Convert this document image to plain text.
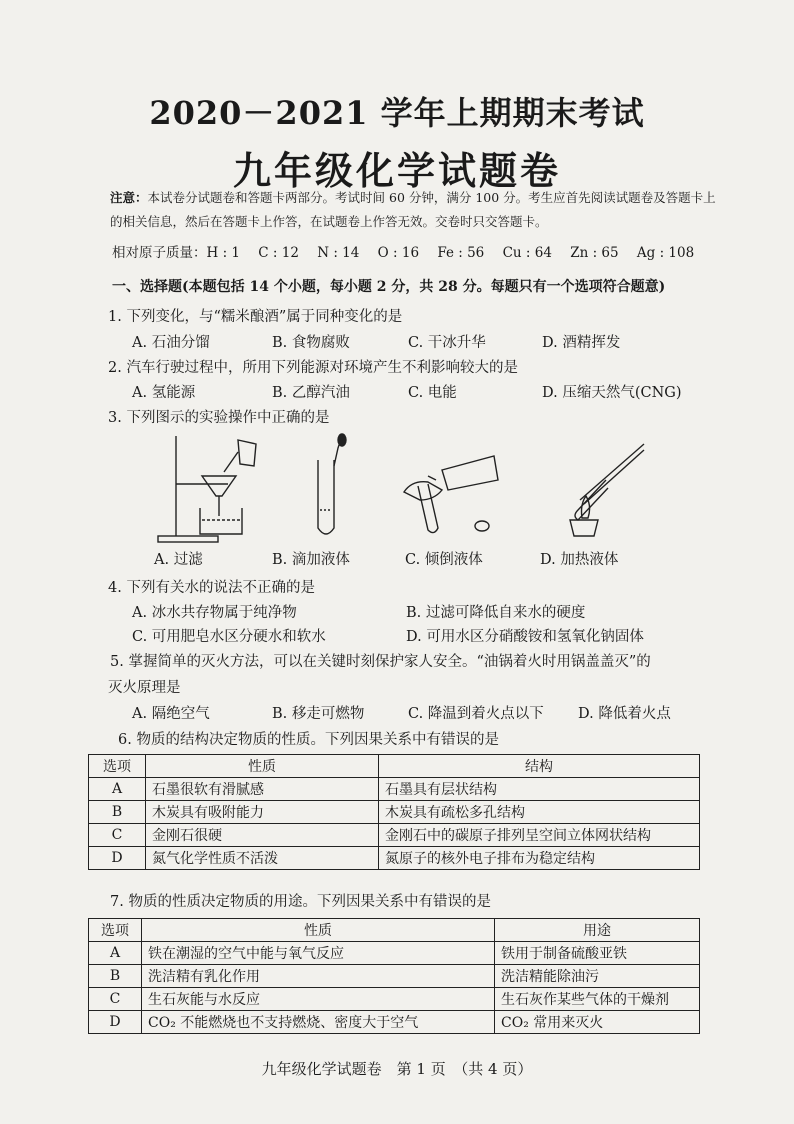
2020－2021 学年上期期末考试
九年级化学试题卷
注意：本试卷分试题卷和答题卡两部分。考试时间 60 分钟，满分 100 分。考生应首先阅读试题卷及答题卡上的相关信息，然后在答题卡上作答，在试题卷上作答无效。交卷时只交答题卡。
相对原子质量：H : 1 C : 12 N : 14 O : 16 Fe : 56 Cu : 64 Zn : 65 Ag : 108
一、选择题(本题包括 14 个小题，每小题 2 分，共 28 分。每题只有一个选项符合题意)
1. 下列变化，与“糯米酿酒”属于同种变化的是
A. 石油分馏	B. 食物腐败	C. 干冰升华	D. 酒精挥发
2. 汽车行驶过程中，所用下列能源对环境产生不利影响较大的是
A. 氢能源	B. 乙醇汽油	C. 电能	D. 压缩天然气(CNG)
3. 下列图示的实验操作中正确的是
A. 过滤	B. 滴加液体	C. 倾倒液体	D. 加热液体
4. 下列有关水的说法不正确的是
A. 冰水共存物属于纯净物	B. 过滤可降低自来水的硬度
C. 可用肥皂水区分硬水和软水	D. 可用水区分硝酸铵和氢氧化钠固体
5. 掌握简单的灭火方法，可以在关键时刻保护家人安全。“油锅着火时用锅盖盖灭”的
灭火原理是
A. 隔绝空气	B. 移走可燃物	C. 降温到着火点以下 D. 降低着火点
6. 物质的结构决定物质的性质。下列因果关系中有错误的是
选项	性质	结构
A	石墨很软有滑腻感	石墨具有层状结构
B	木炭具有吸附能力	木炭具有疏松多孔结构
C	金刚石很硬	金刚石中的碳原子排列呈空间立体网状结构
D	氮气化学性质不活泼	氮原子的核外电子排布为稳定结构
7. 物质的性质决定物质的用途。下列因果关系中有错误的是
选项	性质	用途
A	铁在潮湿的空气中能与氧气反应	铁用于制备硫酸亚铁
B	洗洁精有乳化作用	洗洁精能除油污
C	生石灰能与水反应	生石灰作某些气体的干燥剂
D	CO₂ 不能燃烧也不支持燃烧、密度大于空气	CO₂ 常用来灭火
九年级化学试题卷　第 1 页　（共 4 页）
